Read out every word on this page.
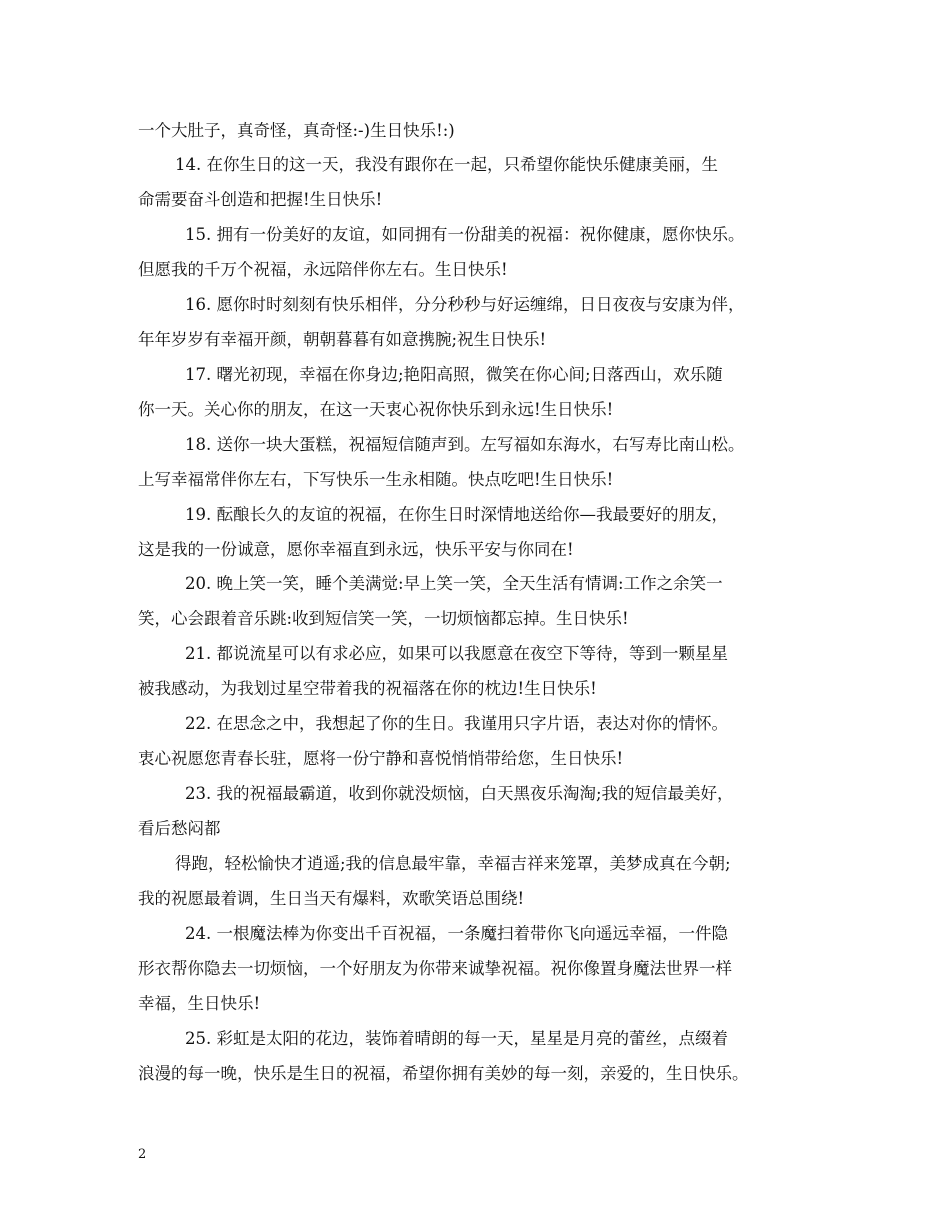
一个大肚子，真奇怪，真奇怪:-)生日快乐!:)
14. 在你生日的这一天，我没有跟你在一起，只希望你能快乐健康美丽，生
命需要奋斗创造和把握!生日快乐!
15. 拥有一份美好的友谊，如同拥有一份甜美的祝福：祝你健康，愿你快乐。
但愿我的千万个祝福，永远陪伴你左右。生日快乐!
16. 愿你时时刻刻有快乐相伴，分分秒秒与好运缠绵，日日夜夜与安康为伴，
年年岁岁有幸福开颜，朝朝暮暮有如意携腕;祝生日快乐!
17. 曙光初现，幸福在你身边;艳阳高照，微笑在你心间;日落西山，欢乐随
你一天。关心你的朋友，在这一天衷心祝你快乐到永远!生日快乐!
18. 送你一块大蛋糕，祝福短信随声到。左写福如东海水，右写寿比南山松。
上写幸福常伴你左右，下写快乐一生永相随。快点吃吧!生日快乐!
19. 酝酿长久的友谊的祝福，在你生日时深情地送给你—我最要好的朋友，
这是我的一份诚意，愿你幸福直到永远，快乐平安与你同在!
20. 晚上笑一笑，睡个美满觉:早上笑一笑，全天生活有情调:工作之余笑一
笑，心会跟着音乐跳:收到短信笑一笑，一切烦恼都忘掉。生日快乐!
21. 都说流星可以有求必应，如果可以我愿意在夜空下等待，等到一颗星星
被我感动，为我划过星空带着我的祝福落在你的枕边!生日快乐!
22. 在思念之中，我想起了你的生日。我谨用只字片语，表达对你的情怀。
衷心祝愿您青春长驻，愿将一份宁静和喜悦悄悄带给您，生日快乐!
23. 我的祝福最霸道，收到你就没烦恼，白天黑夜乐淘淘;我的短信最美好，
看后愁闷都
得跑，轻松愉快才逍遥;我的信息最牢靠，幸福吉祥来笼罩，美梦成真在今朝;
我的祝愿最着调，生日当天有爆料，欢歌笑语总围绕!
24. 一根魔法棒为你变出千百祝福，一条魔扫着带你飞向遥远幸福，一件隐
形衣帮你隐去一切烦恼，一个好朋友为你带来诚挚祝福。祝你像置身魔法世界一样
幸福，生日快乐!
25. 彩虹是太阳的花边，装饰着晴朗的每一天，星星是月亮的蕾丝，点缀着
浪漫的每一晚，快乐是生日的祝福，希望你拥有美妙的每一刻，亲爱的，生日快乐。
2
